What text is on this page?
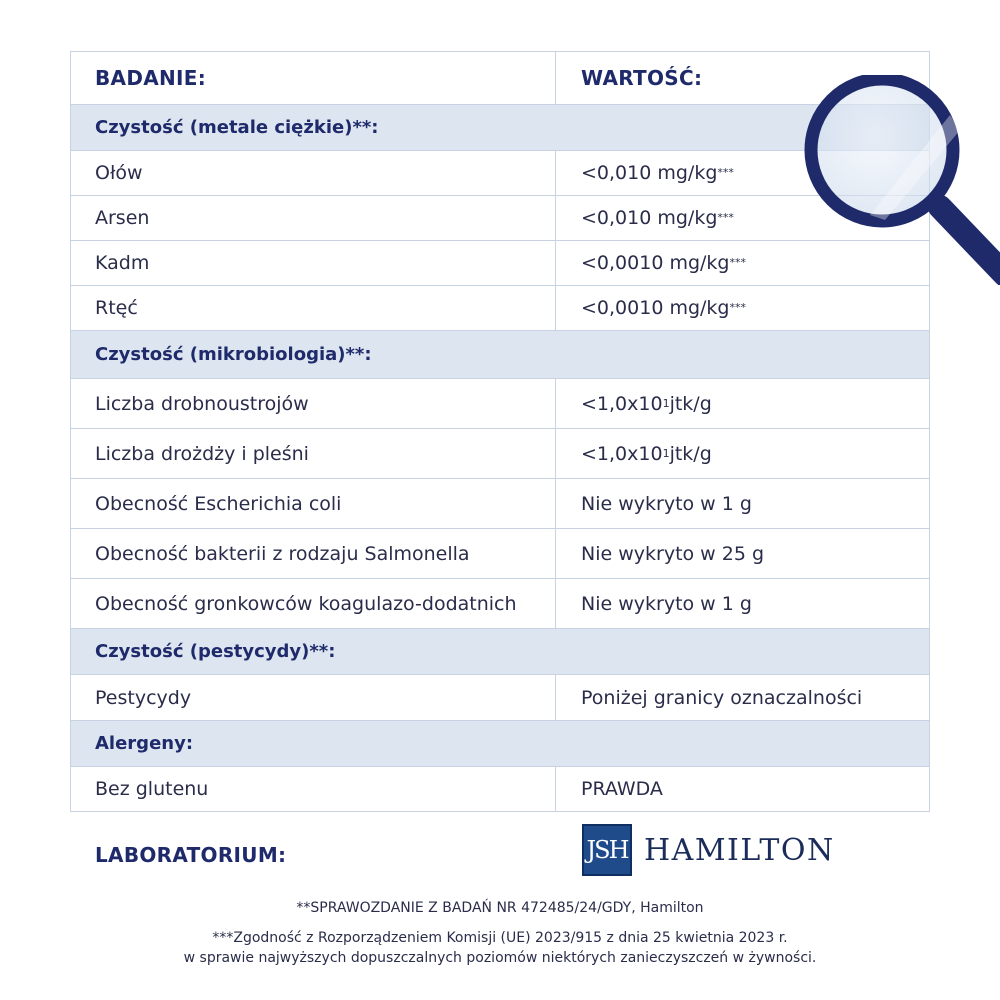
BADANIE:	WARTOŚĆ:
Czystość (metale ciężkie)**:
Ołów	<0,010 mg/kg ***
Arsen	<0,010 mg/kg ***
Kadm	<0,0010 mg/kg ***
Rtęć	<0,0010 mg/kg ***
Czystość (mikrobiologia)**:
Liczba drobnoustrojów	<1,0x10 1 jtk/g
Liczba drożdży i pleśni	<1,0x10 1 jtk/g
Obecność Escherichia coli	Nie wykryto w 1 g
Obecność bakterii z rodzaju Salmonella	Nie wykryto w 25 g
Obecność gronkowców koagulazo-dodatnich	Nie wykryto w 1 g
Czystość (pestycydy)**:
Pestycydy	Poniżej granicy oznaczalności
Alergeny:
Bez glutenu	PRAWDA
LABORATORIUM:	JSH HAMILTON
**SPRAWOZDANIE Z BADAŃ NR 472485/24/GDY, Hamilton
***Zgodność z Rozporządzeniem Komisji (UE) 2023/915 z dnia 25 kwietnia 2023 r.
w sprawie najwyższych dopuszczalnych poziomów niektórych zanieczyszczeń w żywności.
